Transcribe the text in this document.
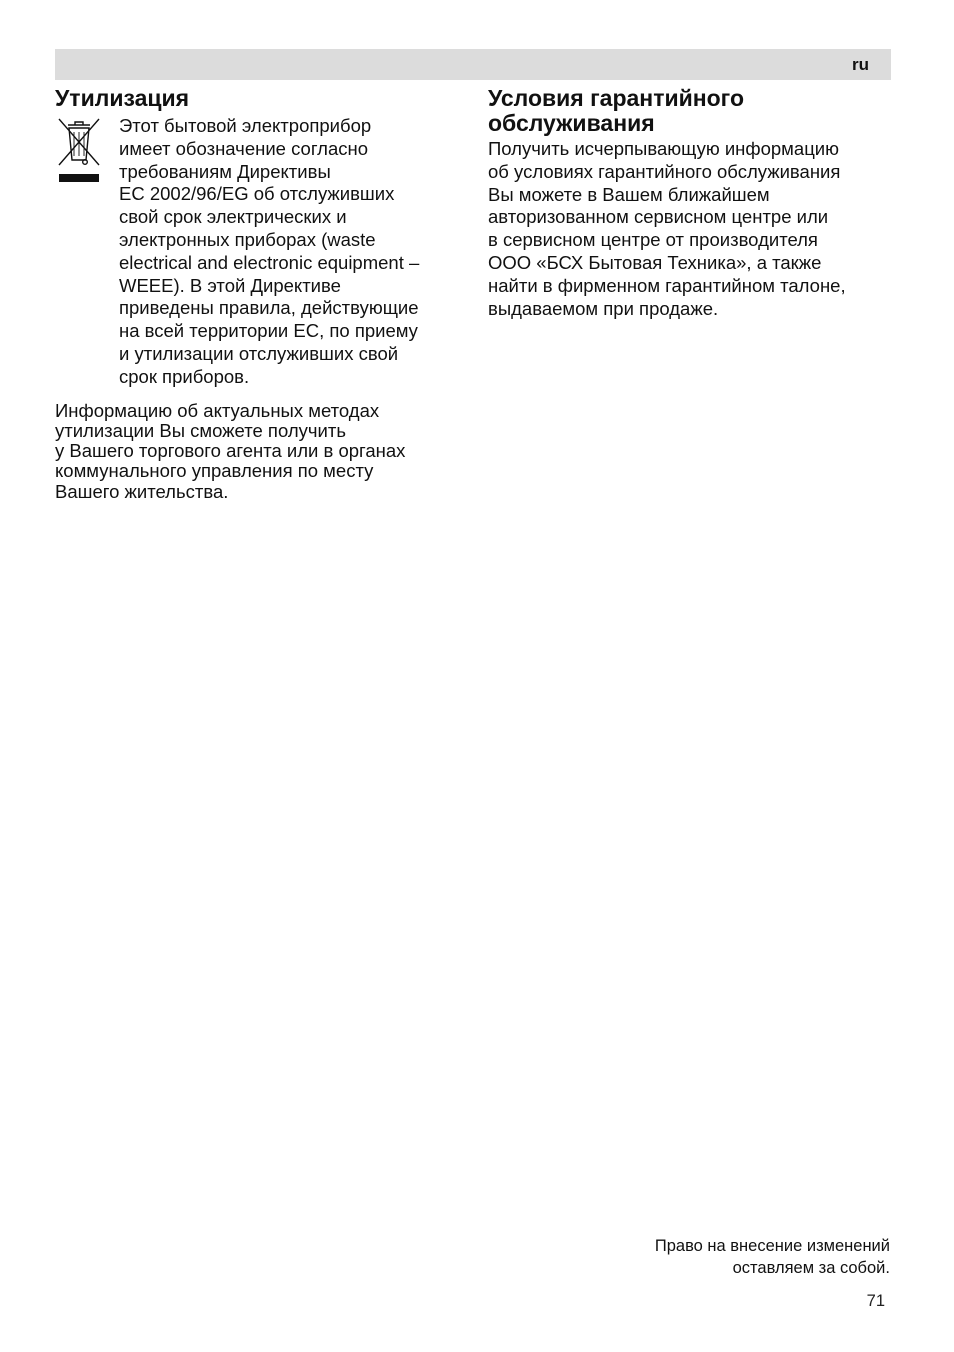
ru
Утилизация

Этот бытовой электроприбор
имеет обозначение согласно
требованиям Директивы
ЕС 2002/96/EG об отслуживших
свой срок электрических и
электронных приборах (waste
electrical and electronic equipment –
WEEE). В этой Директиве
приведены правила, действующие
на всей территории ЕС, по приему
и утилизации отслуживших свой
срок приборов.

Информацию об актуальных методах
утилизации Вы сможете получить
у Вашего торгового агента или в органах
коммунального управления по месту
Вашего жительства.

Условия гарантийного
обслуживания

Получить исчерпывающую информацию
об условиях гарантийного обслуживания
Вы можете в Вашем ближайшем
авторизованном сервисном центре или
в сервисном центре от производителя
ООО «БСХ Бытовая Техника», а также
найти в фирменном гарантийном талоне,
выдаваемом при продаже.

Право на внесение изменений
оставляем за собой.
71
